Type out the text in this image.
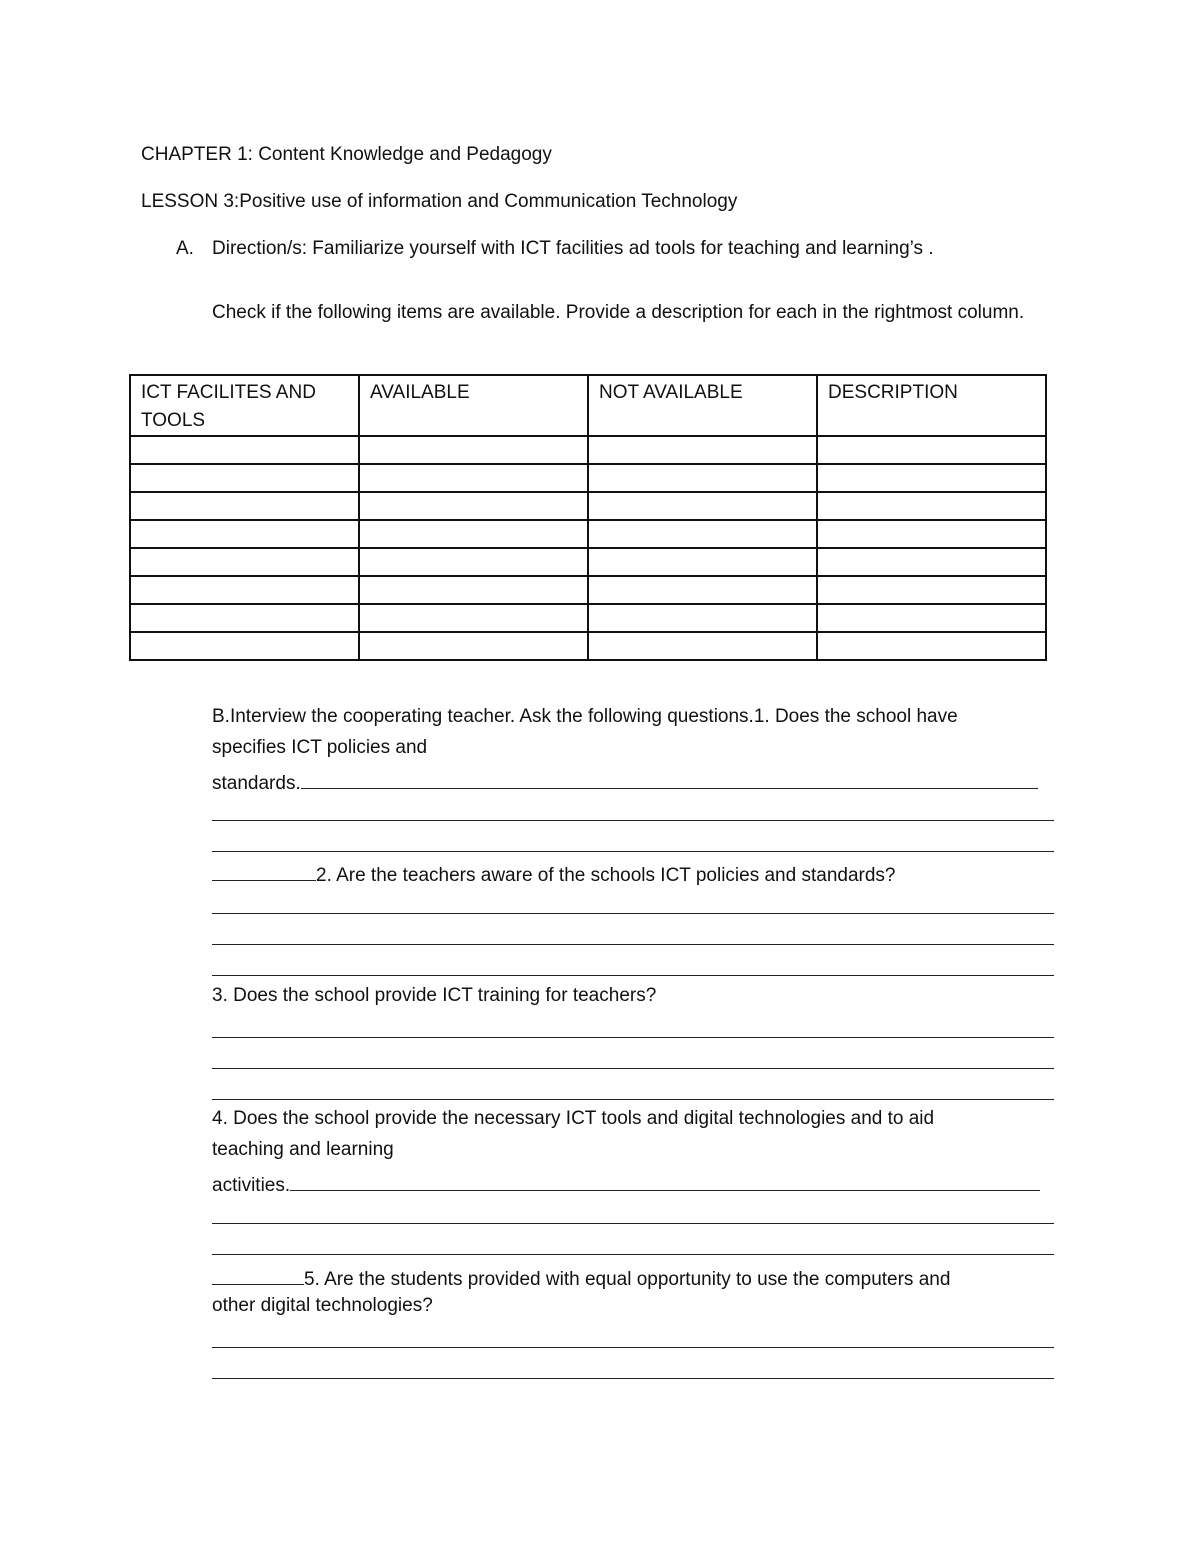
CHAPTER 1: Content Knowledge and Pedagogy
LESSON 3:Positive use of information and Communication Technology
A. Direction/s: Familiarize yourself with ICT facilities ad tools for teaching and learning’s .
Check if the following items are available. Provide a description for each in the rightmost column.
ICT FACILITES AND TOOLS	AVAILABLE	NOT AVAILABLE	DESCRIPTION

B.Interview the cooperating teacher. Ask the following questions.1. Does the school have
specifies ICT policies and
standards.
2. Are the teachers aware of the schools ICT policies and standards?
3. Does the school provide ICT training for teachers?
4. Does the school provide the necessary ICT tools and digital technologies and to aid
teaching and learning
activities.
5. Are the students provided with equal opportunity to use the computers and
other digital technologies?
